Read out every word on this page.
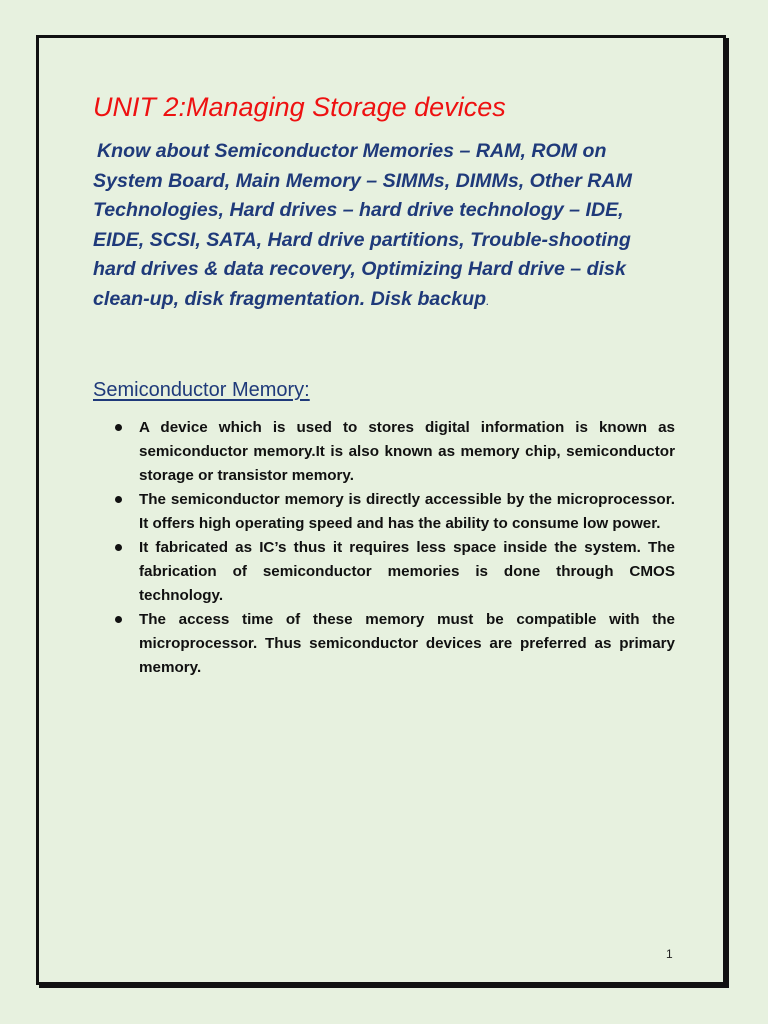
UNIT 2:Managing Storage devices

Know about Semiconductor Memories – RAM, ROM on System Board, Main Memory – SIMMs, DIMMs, Other RAM Technologies, Hard drives – hard drive technology – IDE, EIDE, SCSI, SATA, Hard drive partitions, Trouble-shooting hard drives & data recovery, Optimizing Hard drive – disk clean-up, disk fragmentation. Disk backup.

Semiconductor Memory:
A device which is used to stores digital information is known as semiconductor memory.It is also known as memory chip, semiconductor storage or transistor memory.
The semiconductor memory is directly accessible by the microprocessor. It offers high operating speed and has the ability to consume low power.
It fabricated as IC’s thus it requires less space inside the system. The fabrication of semiconductor memories is done through CMOS technology.
The access time of these memory must be compatible with the microprocessor. Thus semiconductor devices are preferred as primary memory.
1
